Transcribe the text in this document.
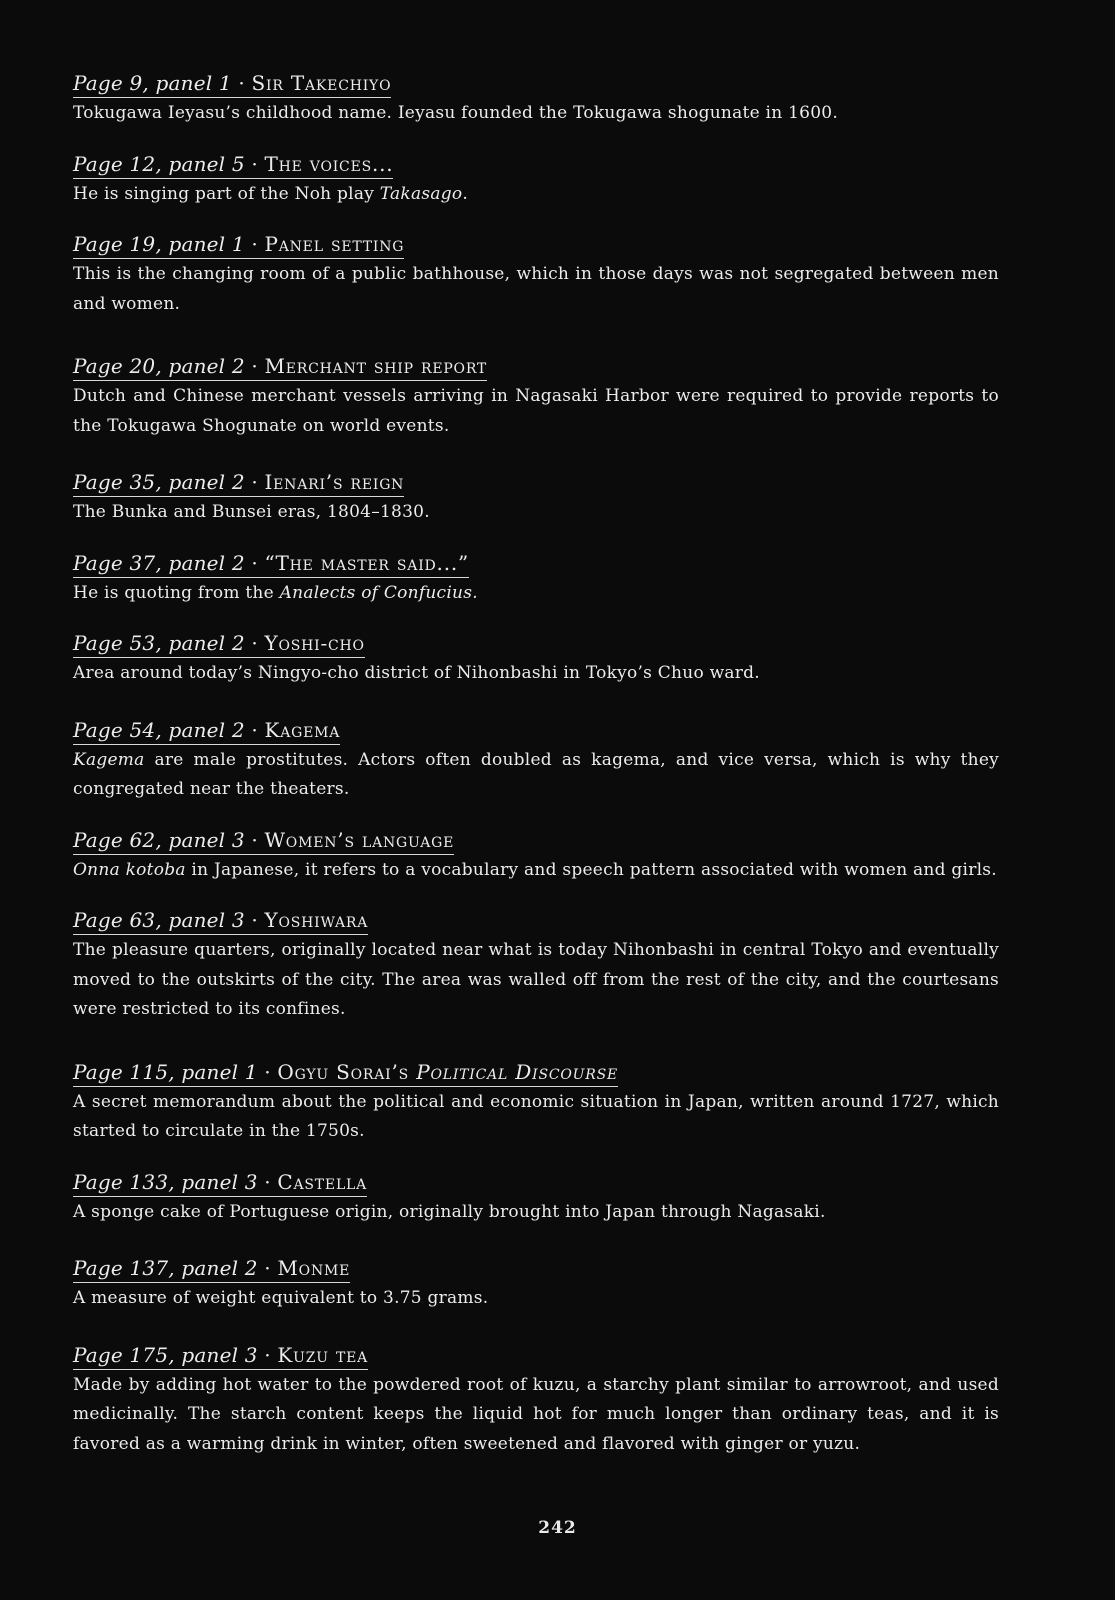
Page 9, panel 1 · Sir Takechiyo
Tokugawa Ieyasu’s childhood name. Ieyasu founded the Tokugawa shogunate in 1600.
Page 12, panel 5 · The voices...
He is singing part of the Noh play Takasago.
Page 19, panel 1 · Panel setting
This is the changing room of a public bathhouse, which in those days was not segregated between men and women.
Page 20, panel 2 · Merchant ship report
Dutch and Chinese merchant vessels arriving in Nagasaki Harbor were required to provide reports to the Tokugawa Shogunate on world events.
Page 35, panel 2 · Ienari’s reign
The Bunka and Bunsei eras, 1804–1830.
Page 37, panel 2 · “The master said...”
He is quoting from the Analects of Confucius.
Page 53, panel 2 · Yoshi-cho
Area around today’s Ningyo-cho district of Nihonbashi in Tokyo’s Chuo ward.
Page 54, panel 2 · Kagema
Kagema are male prostitutes. Actors often doubled as kagema, and vice versa, which is why they congregated near the theaters.
Page 62, panel 3 · Women’s language
Onna kotoba in Japanese, it refers to a vocabulary and speech pattern associated with women and girls.
Page 63, panel 3 · Yoshiwara
The pleasure quarters, originally located near what is today Nihonbashi in central Tokyo and eventually moved to the outskirts of the city. The area was walled off from the rest of the city, and the courtesans were restricted to its confines.
Page 115, panel 1 · Ogyu Sorai’s Political Discourse
A secret memorandum about the political and economic situation in Japan, written around 1727, which started to circulate in the 1750s.
Page 133, panel 3 · Castella
A sponge cake of Portuguese origin, originally brought into Japan through Nagasaki.
Page 137, panel 2 · Monme
A measure of weight equivalent to 3.75 grams.
Page 175, panel 3 · Kuzu tea
Made by adding hot water to the powdered root of kuzu, a starchy plant similar to arrowroot, and used medicinally. The starch content keeps the liquid hot for much longer than ordinary teas, and it is favored as a warming drink in winter, often sweetened and flavored with ginger or yuzu.
242
